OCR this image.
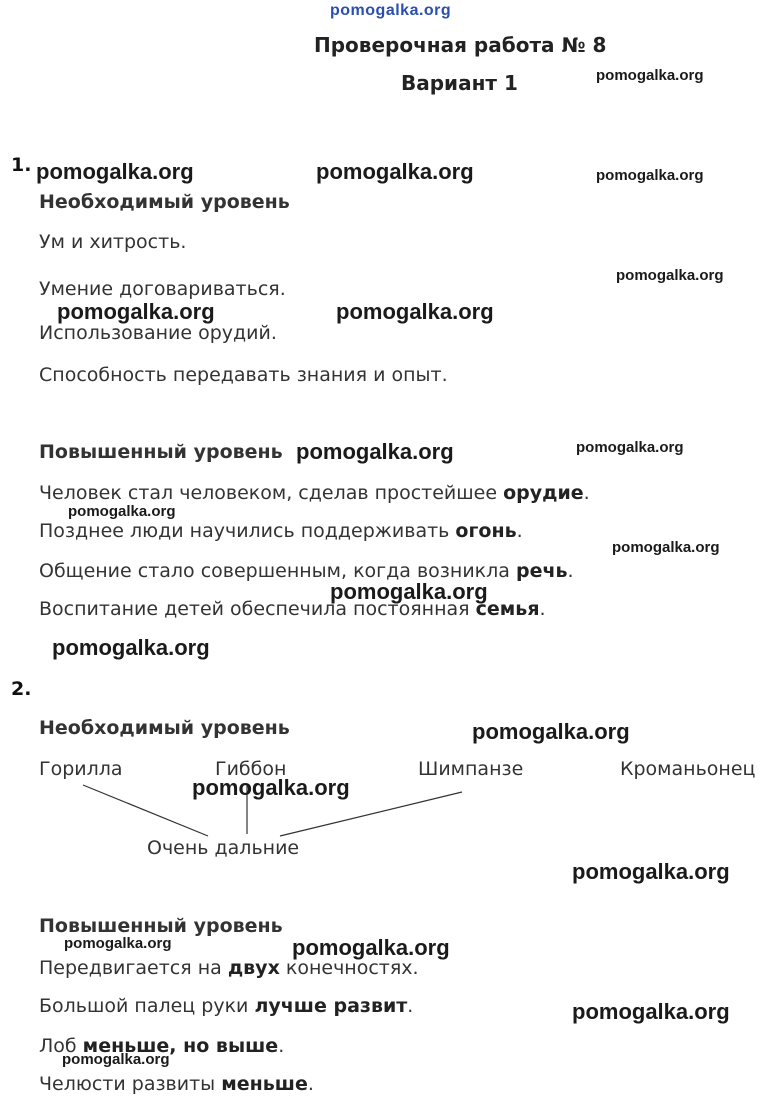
pomogalka.org
Проверочная работа № 8
Вариант 1
1.
Необходимый уровень
Ум и хитрость.
Умение договариваться.
Использование орудий.
Способность передавать знания и опыт.
Повышенный уровень
Человек стал человеком, сделав простейшее орудие.
Позднее люди научились поддерживать огонь.
Общение стало совершенным, когда возникла речь.
Воспитание детей обеспечила постоянная семья.
2.
Необходимый уровень
Горилла	Гиббон	Шимпанзе	Кроманьонец
Очень дальние
Повышенный уровень
Передвигается на двух конечностях.
Большой палец руки лучше развит.
Лоб меньше, но выше.
Челюсти развиты меньше.
pomogalka.org	pomogalka.org
pomogalka.org	pomogalka.org
pomogalka.org
pomogalka.org
pomogalka.org
pomogalka.org
pomogalka.org
pomogalka.org
pomogalka.org
pomogalka.org
pomogalka.org
pomogalka.org
pomogalka.org
pomogalka.org
pomogalka.org
pomogalka.org
pomogalka.org
pomogalka.org
